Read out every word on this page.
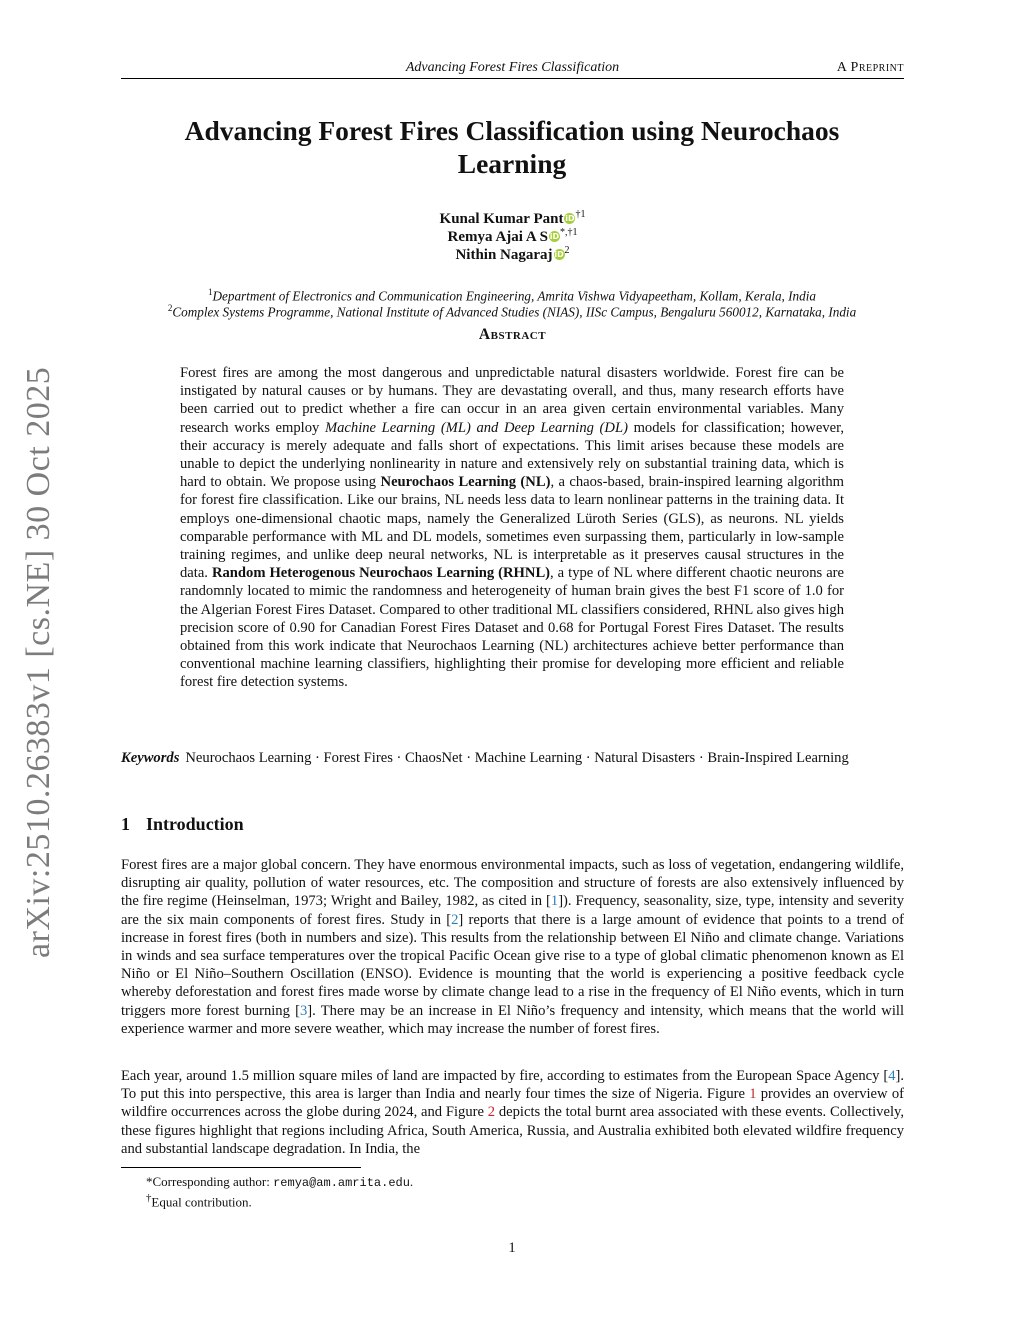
Advancing Forest Fires Classification	A Preprint
arXiv:2510.26383v1 [cs.NE] 30 Oct 2025
Advancing Forest Fires Classification using Neurochaos Learning
Kunal Kumar Pant $iD^{\dagger 1}$
Remya Ajai A S $iD^{*,\dagger 1}$
Nithin Nagaraj $iD^2$
$^1$Department of Electronics and Communication Engineering, Amrita Vishwa Vidyapeetham, Kollam, Kerala, India
$^2$Complex Systems Programme, National Institute of Advanced Studies (NIAS), IISc Campus, Bengaluru 560012, Karnataka, India
Abstract

Forest fires are among the most dangerous and unpredictable natural disasters worldwide. Forest fire can be instigated by natural causes or by humans. They are devastating overall, and thus, many research efforts have been carried out to predict whether a fire can occur in an area given certain environmental variables. Many research works employ Machine Learning (ML) and Deep Learning (DL) models for classification; however, their accuracy is merely adequate and falls short of expectations. This limit arises because these models are unable to depict the underlying nonlinearity in nature and extensively rely on substantial training data, which is hard to obtain. We propose using Neurochaos Learning (NL), a chaos-based, brain-inspired learning algorithm for forest fire classification. Like our brains, NL needs less data to learn nonlinear patterns in the training data. It employs one-dimensional chaotic maps, namely the Generalized Lüroth Series (GLS), as neurons. NL yields comparable performance with ML and DL models, sometimes even surpassing them, particularly in low-sample training regimes, and unlike deep neural networks, NL is interpretable as it preserves causal structures in the data. Random Heterogenous Neurochaos Learning (RHNL), a type of NL where different chaotic neurons are randomnly located to mimic the randomness and heterogeneity of human brain gives the best F1 score of 1.0 for the Algerian Forest Fires Dataset. Compared to other traditional ML classifiers considered, RHNL also gives high precision score of 0.90 for Canadian Forest Fires Dataset and 0.68 for Portugal Forest Fires Dataset. The results obtained from this work indicate that Neurochaos Learning (NL) architectures achieve better performance than conventional machine learning classifiers, highlighting their promise for developing more efficient and reliable forest fire detection systems.

Keywords Neurochaos Learning · Forest Fires · ChaosNet · Machine Learning · Natural Disasters · Brain-Inspired Learning

1 Introduction

Forest fires are a major global concern. They have enormous environmental impacts, such as loss of vegetation, endangering wildlife, disrupting air quality, pollution of water resources, etc. The composition and structure of forests are also extensively influenced by the fire regime (Heinselman, 1973; Wright and Bailey, 1982, as cited in [1]). Frequency, seasonality, size, type, intensity and severity are the six main components of forest fires. Study in [2] reports that there is a large amount of evidence that points to a trend of increase in forest fires (both in numbers and size). This results from the relationship between El Niño and climate change. Variations in winds and sea surface temperatures over the tropical Pacific Ocean give rise to a type of global climatic phenomenon known as El Niño or El Niño–Southern Oscillation (ENSO). Evidence is mounting that the world is experiencing a positive feedback cycle whereby deforestation and forest fires made worse by climate change lead to a rise in the frequency of El Niño events, which in turn triggers more forest burning [3]. There may be an increase in El Niño’s frequency and intensity, which means that the world will experience warmer and more severe weather, which may increase the number of forest fires.

Each year, around 1.5 million square miles of land are impacted by fire, according to estimates from the European Space Agency [4]. To put this into perspective, this area is larger than India and nearly four times the size of Nigeria. Figure 1 provides an overview of wildfire occurrences across the globe during 2024, and Figure 2 depicts the total burnt area associated with these events. Collectively, these figures highlight that regions including Africa, South America, Russia, and Australia exhibited both elevated wildfire frequency and substantial landscape degradation. In India, the

*Corresponding author: remya@am.amrita.edu.
†Equal contribution.
1
